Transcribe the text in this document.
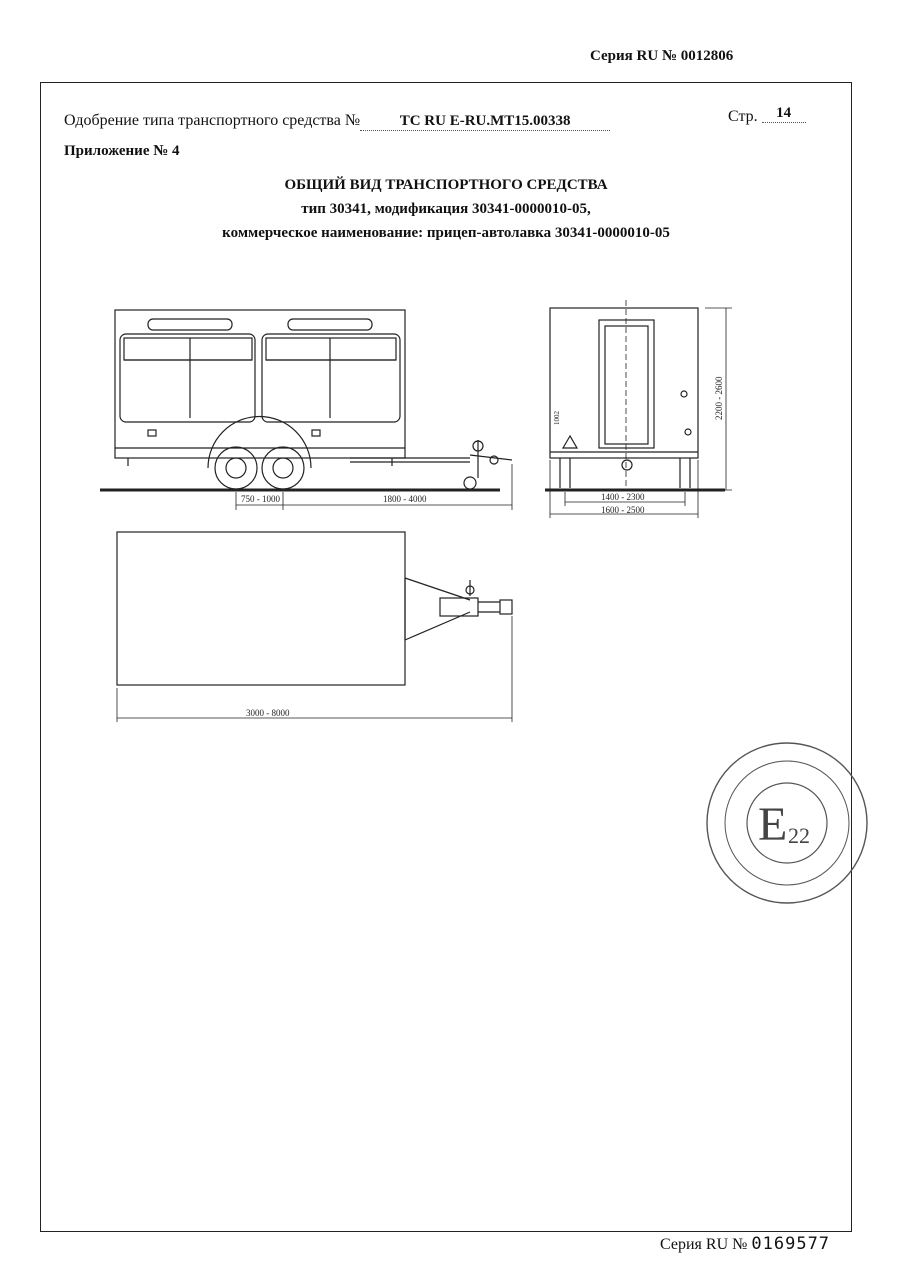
Серия RU № 0012806
Одобрение типа транспортного средства №	ТС RU E-RU.МТ15.00338	Стр. 14
Приложение № 4
ОБЩИЙ ВИД ТРАНСПОРТНОГО СРЕДСТВА
тип 30341, модификация 30341-0000010-05,
коммерческое наименование: прицеп-автолавка 30341-0000010-05
E 22
750 - 1000	1800 - 4000	1400 - 2300
1600 - 2500
2200 - 2600
1002
3000 - 8000
Серия RU № 0169577
